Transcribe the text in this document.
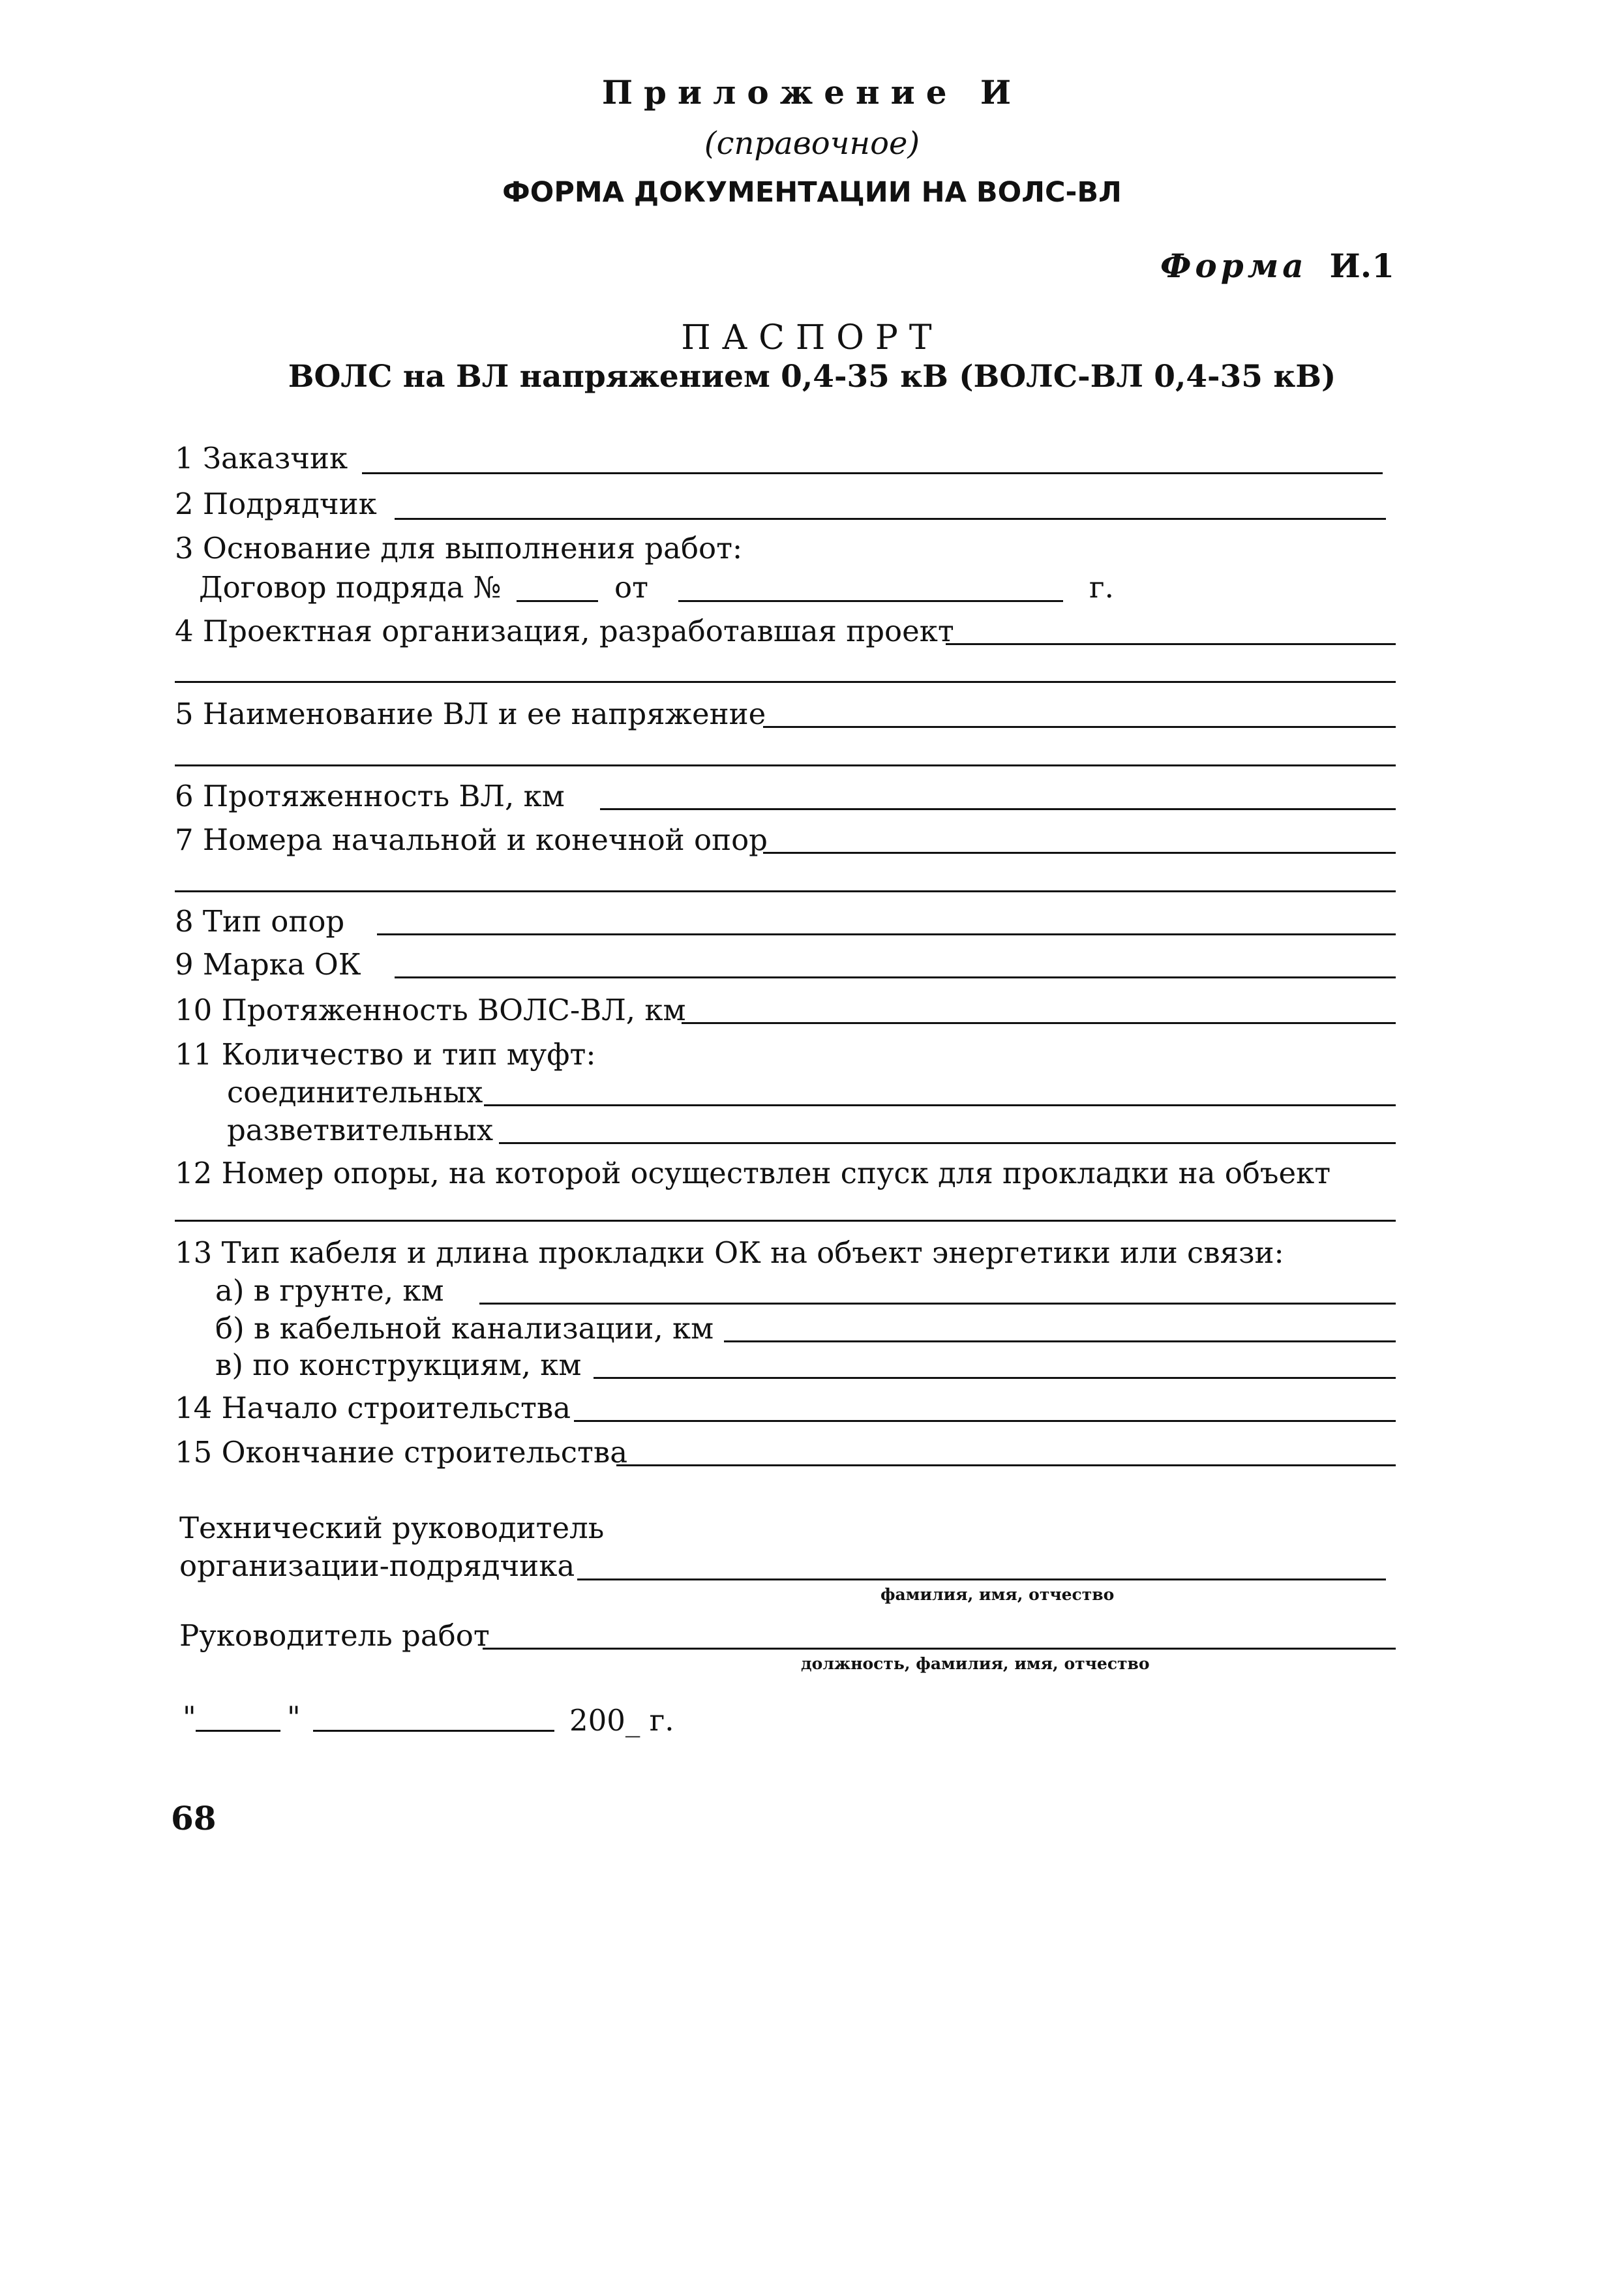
Приложение И
(справочное)
ФОРМА ДОКУМЕНТАЦИИ НА ВОЛС-ВЛ
Форма И.1
ПАСПОРТ
ВОЛС на ВЛ напряжением 0,4-35 кВ (ВОЛС-ВЛ 0,4-35 кВ)
1 Заказчик
2 Подрядчик
3 Основание для выполнения работ:
Договор подряда №	от	г.
4 Проектная организация, разработавшая проект
5 Наименование ВЛ и ее напряжение
6 Протяженность ВЛ, км
7 Номера начальной и конечной опор
8 Тип опор
9 Марка ОК
10 Протяженность ВОЛС-ВЛ, км
11 Количество и тип муфт:
соединительных
разветвительных
12 Номер опоры, на которой осуществлен спуск для прокладки на объект
13 Тип кабеля и длина прокладки ОК на объект энергетики или связи:
а) в грунте, км
б) в кабельной канализации, км
в) по конструкциям, км
14 Начало строительства
15 Окончание строительства
Технический руководитель
организации-подрядчика
фамилия, имя, отчество
Руководитель работ
должность, фамилия, имя, отчество
"	"	200_ г.
68
